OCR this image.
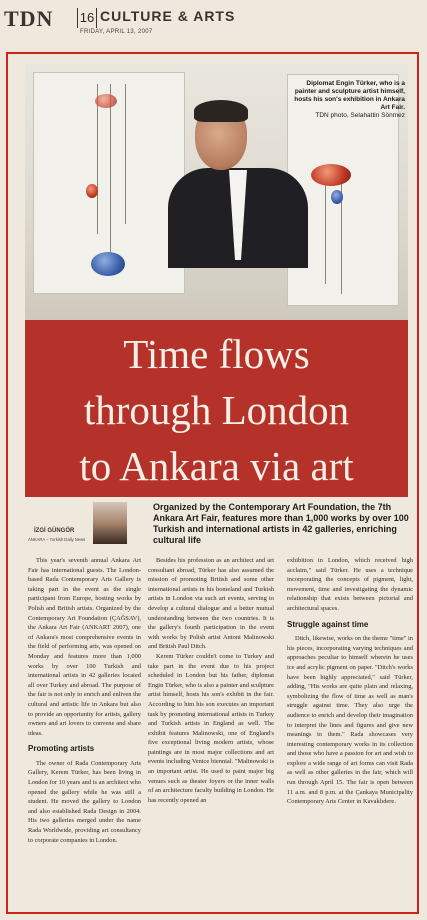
TDN 16 CULTURE & ARTS
FRIDAY, APRIL 13, 2007
Diplomat Engin Türker, who is a painter and sculpture artist himself, hosts his son's exhibition in Ankara Art Fair.
TDN photo, Selahattin Sönmez
Time flows
through London
to Ankara via art
İZGİ GÜNGÖR
ANKARA – Turkish Daily News
Organized by the Contemporary Art Foundation, the 7th Ankara Art Fair, features more than 1,000 works by over 100 Turkish and international artists in 42 galleries, enriching cultural life

This year's seventh annual Ankara Art Fair has international guests. The London-based Rada Contemporary Arts Gallery is taking part in the event as the single participant from Europe, hosting works by Polish and British artists. Organized by the Contemporary Art Foundation (ÇAĞSAV), the Ankara Art Fair (ANKART 2007), one of Ankara's most comprehensive events in the field of performing arts, was opened on Monday and features more than 1,000 works by over 100 Turkish and international artists in 42 galleries located all over Turkey and abroad. The purpose of the fair is not only to enrich and enliven the cultural and artistic life in Ankara but also to provide an opportunity for artists, gallery owners and art lovers to convene and share ideas.

Promoting artists

The owner of Rada Contemporary Arts Gallery, Kerem Türker, has been living in London for 10 years and is an architect who opened the gallery while he was still a student. He moved the gallery to London and also established Rada Design in 2004. His two galleries merged under the name Rada Worldwide, providing art consultancy to corporate companies in London.

Besides his profession as an architect and art consultant abroad, Türker has also assumed the mission of promoting British and some other international artists in his homeland and Turkish artists in London via such art events, serving to develop a cultural dialogue and a better mutual understanding between the two countries. It is the gallery's fourth participation in the event with works by Polish artist Antoni Malinowski and British Paul Ditch.

Kerem Türker couldn't come to Turkey and take part in the event due to his project scheduled in London but his father, diplomat Engin Türker, who is also a painter and sculpture artist himself, hosts his son's exhibit in the fair. According to him his son executes an important task by promoting international artists in Turkey and Turkish artists in England as well. The exhibit features Malinowski, one of England's five exceptional living modern artists, whose paintings are in most major collections and art events including Venice biennial. "Malinowski is an important artist. He used to paint major big venues such as theater foyers or the inner walls of an architecture faculty building in London. He has recently opened an

exhibition in London, which received high acclaim," said Türker. He uses a technique incorporating the concepts of pigment, light, movement, time and investigating the dynamic relationship that exists between pictorial and architectural spaces.

Struggle against time

Ditch, likewise, works on the theme "time" in his pieces, incorporating varying techniques and approaches peculiar to himself wherein he uses ice and acrylic pigment on paper. "Ditch's works have been highly appreciated," said Türker, adding, "His works are quite plain and relaxing, symbolizing the flow of time as well as man's struggle against time. They also urge the audience to enrich and develop their imagination to interpret the lines and figures and give new meanings to them." Rada showcases very interesting contemporary works in its collection and those who have a passion for art and wish to explore a wide range of art forms can visit Rada as well as other galleries in the fair, which will run through April 15. The fair is open between 11 a.m. and 8 p.m. at the Çankaya Municipality Contemporary Arts Center in Kavaklıdere.
